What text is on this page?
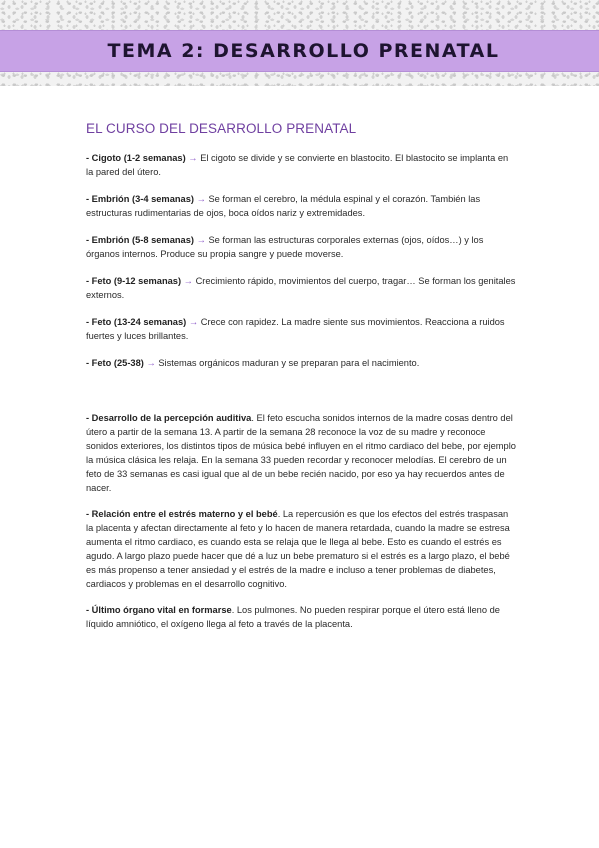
TEMA 2: DESARROLLO PRENATAL
EL CURSO DEL DESARROLLO PRENATAL

- Cigoto (1-2 semanas) → El cigoto se divide y se convierte en blastocito. El blastocito se implanta en la pared del útero.

- Embrión (3-4 semanas) → Se forman el cerebro, la médula espinal y el corazón. También las estructuras rudimentarias de ojos, boca oídos nariz y extremidades.

- Embrión (5-8 semanas) → Se forman las estructuras corporales externas (ojos, oídos…) y los órganos internos. Produce su propia sangre y puede moverse.

- Feto (9-12 semanas) → Crecimiento rápido, movimientos del cuerpo, tragar… Se forman los genitales externos.

- Feto (13-24 semanas) → Crece con rapidez. La madre siente sus movimientos. Reacciona a ruidos fuertes y luces brillantes.

- Feto (25-38) → Sistemas orgánicos maduran y se preparan para el nacimiento.

- Desarrollo de la percepción auditiva. El feto escucha sonidos internos de la madre cosas dentro del útero a partir de la semana 13. A partir de la semana 28 reconoce la voz de su madre y reconoce sonidos exteriores, los distintos tipos de música bebé influyen en el ritmo cardiaco del bebe, por ejemplo la música clásica les relaja. En la semana 33 pueden recordar y reconocer melodías. El cerebro de un feto de 33 semanas es casi igual que al de un bebe recién nacido, por eso ya hay recuerdos antes de nacer.

- Relación entre el estrés materno y el bebé. La repercusión es que los efectos del estrés traspasan la placenta y afectan directamente al feto y lo hacen de manera retardada, cuando la madre se estresa aumenta el ritmo cardiaco, es cuando esta se relaja que le llega al bebe. Esto es cuando el estrés es agudo. A largo plazo puede hacer que dé a luz un bebe prematuro si el estrés es a largo plazo, el bebé es más propenso a tener ansiedad y el estrés de la madre e incluso a tener problemas de diabetes, cardiacos y problemas en el desarrollo cognitivo.

- Último órgano vital en formarse. Los pulmones. No pueden respirar porque el útero está lleno de líquido amniótico, el oxígeno llega al feto a través de la placenta.
